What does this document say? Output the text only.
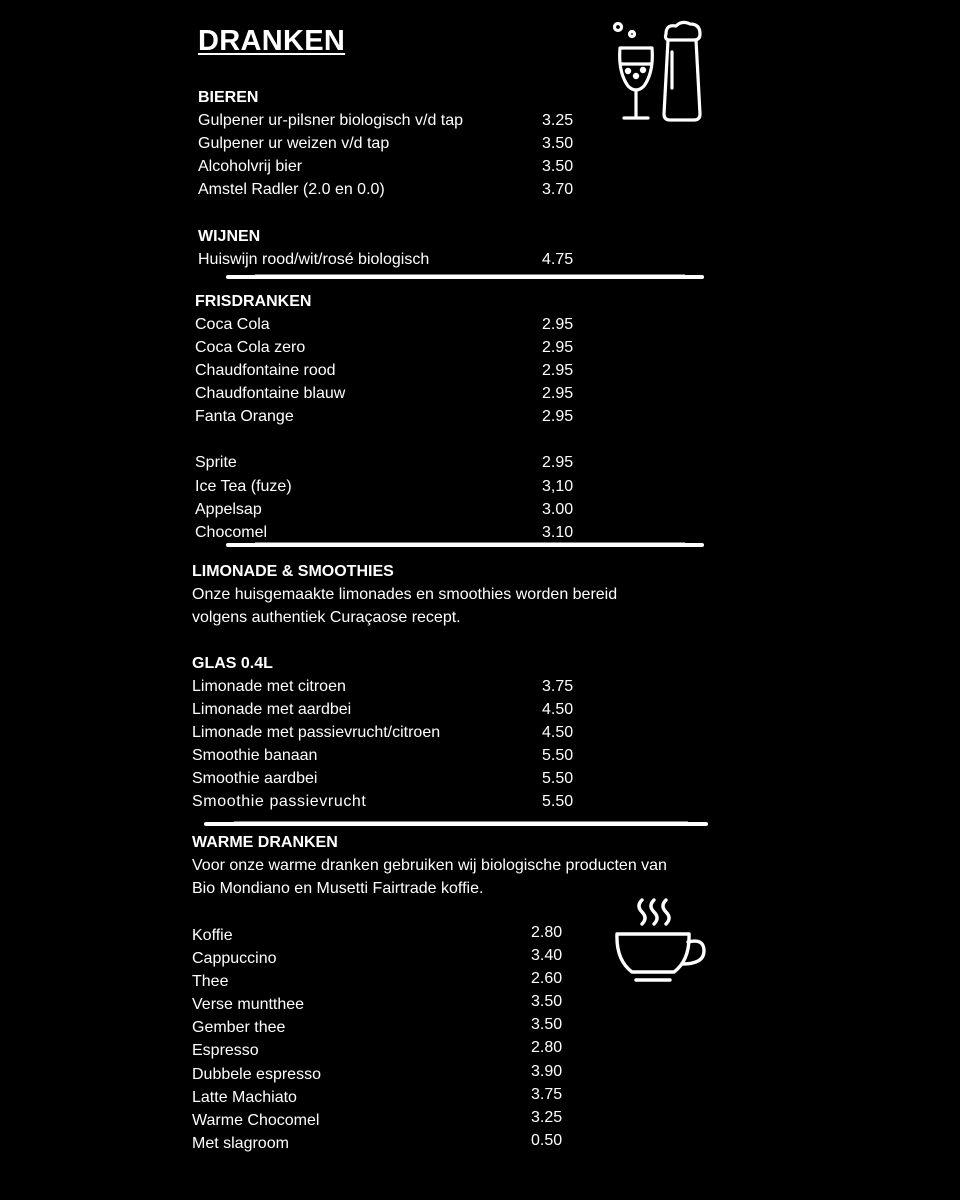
DRANKEN
BIEREN
Gulpener ur-pilsner biologisch v/d tap	3.25
Gulpener ur weizen v/d tap	3.50
Alcoholvrij bier	3.50
Amstel Radler (2.0 en 0.0)	3.70
WIJNEN
Huiswijn rood/wit/rosé biologisch	4.75
FRISDRANKEN
Coca Cola	2.95
Coca Cola zero	2.95
Chaudfontaine rood	2.95
Chaudfontaine blauw	2.95
Fanta Orange	2.95
Sprite	2.95
Ice Tea (fuze)	3,10
Appelsap	3.00
Chocomel	3.10
LIMONADE & SMOOTHIES
Onze huisgemaakte limonades en smoothies worden bereid
volgens authentiek Curaçaose recept.
GLAS 0.4L
Limonade met citroen	3.75
Limonade met aardbei	4.50
Limonade met passievrucht/citroen	4.50
Smoothie banaan	5.50
Smoothie aardbei	5.50
Smoothie passievrucht	5.50
WARME DRANKEN
Voor onze warme dranken gebruiken wij biologische producten van
Bio Mondiano en Musetti Fairtrade koffie.
Koffie	2.80
Cappuccino	3.40
Thee	2.60
Verse muntthee	3.50
Gember thee	3.50
Espresso	2.80
Dubbele espresso	3.90
Latte Machiato	3.75
Warme Chocomel	3.25
Met slagroom	0.50
